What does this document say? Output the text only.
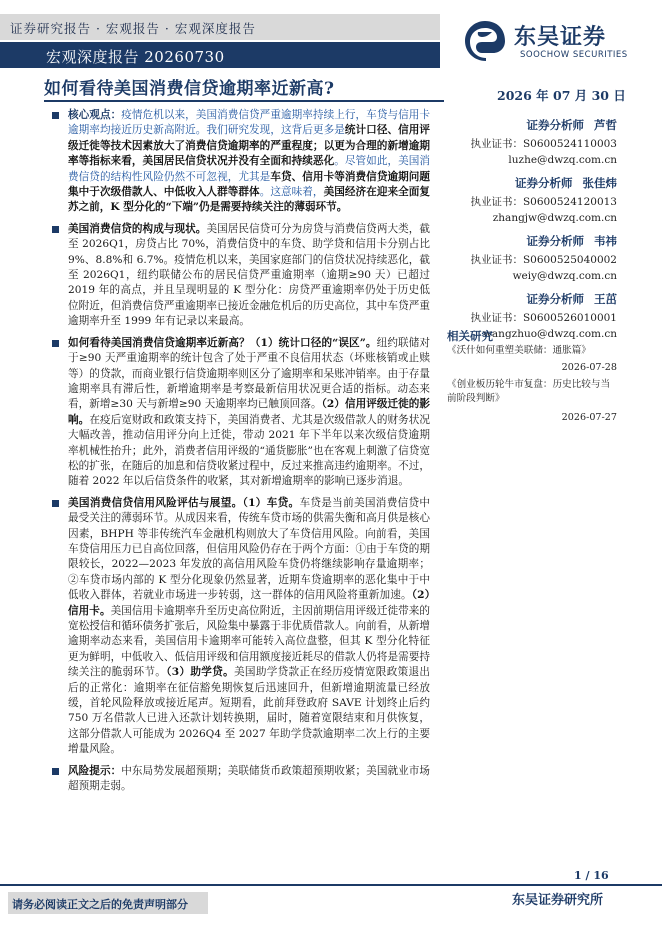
证券研究报告 · 宏观报告 · 宏观深度报告
宏观深度报告 20260730
东吴证券
SOOCHOW SECURITIES
如何看待美国消费信贷逾期率近新高?	2026 年 07 月 30 日
核心观点：疫情危机以来，美国消费信贷严重逾期率持续上行，车贷与信用卡逾期率均接近历史新高附近。我们研究发现，这背后更多是统计口径、信用评级迁徙等技术因素放大了消费信贷逾期率的严重程度；以更为合理的新增逾期率等指标来看，美国居民信贷状况并没有全面和持续恶化。尽管如此，美国消费信贷的结构性风险仍然不可忽视，尤其是车贷、信用卡等消费信贷逾期问题集中于次级借款人、中低收入人群等群体。这意味着，美国经济在迎来全面复苏之前，K 型分化的“下端”仍是需要持续关注的薄弱环节。
美国消费信贷的构成与现状。美国居民信贷可分为房贷与消费信贷两大类，截至 2026Q1，房贷占比 70%，消费信贷中的车贷、助学贷和信用卡分别占比 9%、8.8%和 6.7%。疫情危机以来，美国家庭部门的信贷状况持续恶化，截至 2026Q1，纽约联储公布的居民信贷严重逾期率（逾期≥90 天）已超过 2019 年的高点，并且呈现明显的 K 型分化：房贷严重逾期率仍处于历史低位附近，但消费信贷严重逾期率已接近金融危机后的历史高位，其中车贷严重逾期率升至 1999 年有记录以来最高。
如何看待美国消费信贷逾期率近新高？（1）统计口径的“误区”。纽约联储对于≥90 天严重逾期率的统计包含了处于严重不良信用状态（坏账核销或止赎等）的贷款，而商业银行信贷逾期率则区分了逾期率和呆账冲销率。由于存量逾期率具有滞后性，新增逾期率是考察最新信用状况更合适的指标。动态来看，新增≥30 天与新增≥90 天逾期率均已触顶回落。（2）信用评级迁徙的影响。在疫后宽财政和政策支持下，美国消费者、尤其是次级借款人的财务状况大幅改善，推动信用评分向上迁徙，带动 2021 年下半年以来次级信贷逾期率机械性抬升；此外，消费者信用评级的“通货膨胀”也在客观上刺激了信贷宽松的扩张，在随后的加息和信贷收紧过程中，反过来推高违约逾期率。不过，随着 2022 年以后信贷条件的收紧，其对新增逾期率的影响已逐步消退。
美国消费信贷信用风险评估与展望。（1）车贷。车贷是当前美国消费信贷中最受关注的薄弱环节。从成因来看，传统车贷市场的供需失衡和高月供是核心因素，BHPH 等非传统汽车金融机构则放大了车贷信用风险。向前看，美国车贷信用压力已自高位回落，但信用风险仍存在于两个方面：①由于车贷的期限较长，2022—2023 年发放的高信用风险车贷仍将继续影响存量逾期率；②车贷市场内部的 K 型分化现象仍然显著，近期车贷逾期率的恶化集中于中低收入群体，若就业市场进一步转弱，这一群体的信用风险将重新加速。（2）信用卡。美国信用卡逾期率升至历史高位附近，主因前期信用评级迁徙带来的宽松授信和循环债务扩张后，风险集中暴露于非优质借款人。向前看，从新增逾期率动态来看，美国信用卡逾期率可能转入高位盘整，但其 K 型分化特征更为鲜明，中低收入、低信用评级和信用额度接近耗尽的借款人仍将是需要持续关注的脆弱环节。（3）助学贷。美国助学贷款正在经历疫情宽限政策退出后的正常化：逾期率在征信豁免期恢复后迅速回升，但新增逾期流量已经放缓，首轮风险释放或接近尾声。短期看，此前拜登政府 SAVE 计划终止后约 750 万名借款人已进入还款计划转换期，届时，随着宽限结束和月供恢复，这部分借款人可能成为 2026Q4 至 2027 年助学贷款逾期率二次上行的主要增量风险。
风险提示：中东局势发展超预期；美联储货币政策超预期收紧；美国就业市场超预期走弱。
证券分析师 芦哲
执业证书：S0600524110003
luzhe@dwzq.com.cn
证券分析师 张佳炜
执业证书：S0600524120013
zhangjw@dwzq.com.cn
证券分析师 韦祎
执业证书：S0600525040002
weiy@dwzq.com.cn
证券分析师 王茁
执业证书：S0600526010001
wangzhuo@dwzq.com.cn
相关研究
《沃什如何重塑美联储：通胀篇》
2026-07-28
《创业板历轮牛市复盘：历史比较与当前阶段判断》
2026-07-27
1 / 16
请务必阅读正文之后的免责声明部分	东吴证券研究所
